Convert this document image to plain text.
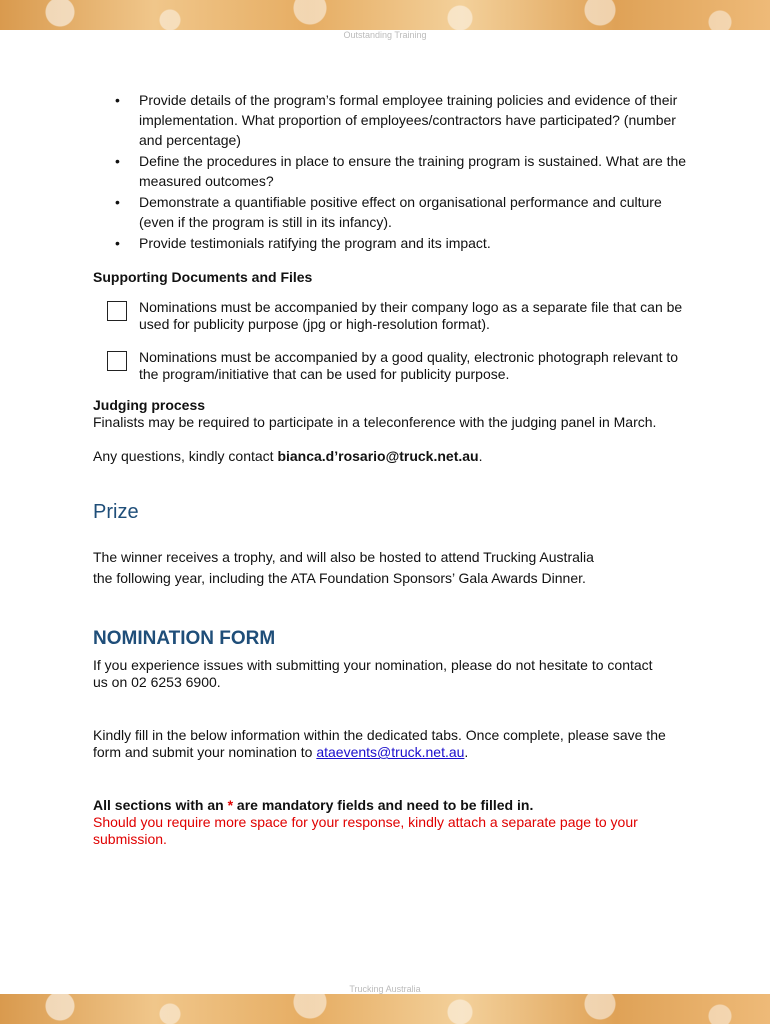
Outstanding Training
• Provide details of the program’s formal employee training policies and evidence of their implementation. What proportion of employees/contractors have participated? (number and percentage)
• Define the procedures in place to ensure the training program is sustained. What are the measured outcomes?
• Demonstrate a quantifiable positive effect on organisational performance and culture (even if the program is still in its infancy).
• Provide testimonials ratifying the program and its impact.
Supporting Documents and Files
Nominations must be accompanied by their company logo as a separate file that can be used for publicity purpose (jpg or high-resolution format).
Nominations must be accompanied by a good quality, electronic photograph relevant to the program/initiative that can be used for publicity purpose.
Judging process
Finalists may be required to participate in a teleconference with the judging panel in March.
Any questions, kindly contact bianca.d’rosario@truck.net.au.
Prize
The winner receives a trophy, and will also be hosted to attend Trucking Australia
the following year, including the ATA Foundation Sponsors’ Gala Awards Dinner.
NOMINATION FORM
If you experience issues with submitting your nomination, please do not hesitate to contact us on 02 6253 6900.
Kindly fill in the below information within the dedicated tabs. Once complete, please save the form and submit your nomination to ataevents@truck.net.au.
All sections with an * are mandatory fields and need to be filled in.
Should you require more space for your response, kindly attach a separate page to your submission.
Trucking Australia
